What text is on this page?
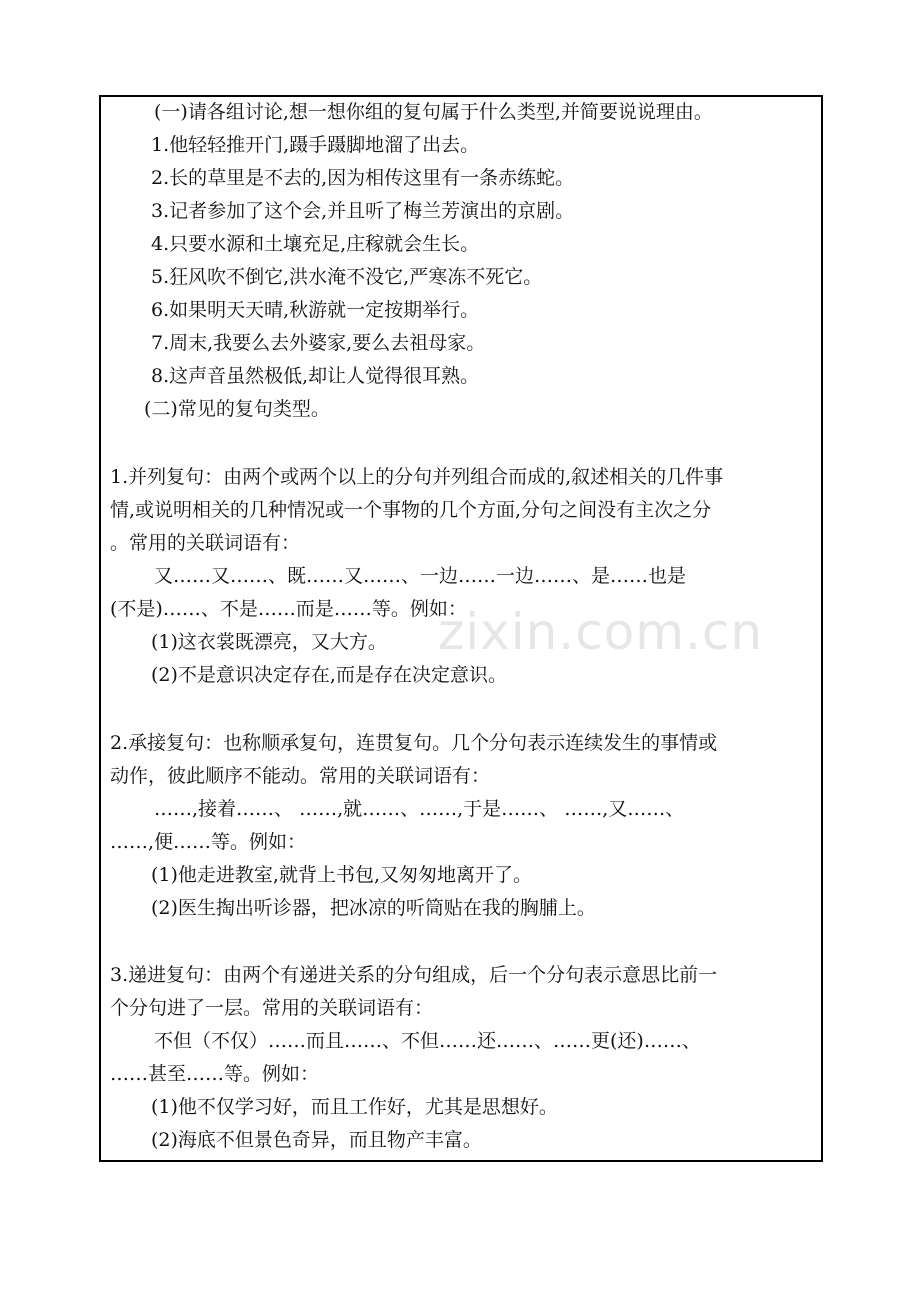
(一)请各组讨论,想一想你组的复句属于什么类型,并简要说说理由。
1.他轻轻推开门,蹑手蹑脚地溜了出去。
2.长的草里是不去的,因为相传这里有一条赤练蛇。
3.记者参加了这个会,并且听了梅兰芳演出的京剧。
4.只要水源和土壤充足,庄稼就会生长。
5.狂风吹不倒它,洪水淹不没它,严寒冻不死它。
6.如果明天天晴,秋游就一定按期举行。
7.周末,我要么去外婆家,要么去祖母家。
8.这声音虽然极低,却让人觉得很耳熟。
(二)常见的复句类型。
1.并列复句：由两个或两个以上的分句并列组合而成的,叙述相关的几件事
情,或说明相关的几种情况或一个事物的几个方面,分句之间没有主次之分
。常用的关联词语有：
又……又……、既……又……、一边……一边……、是……也是
(不是)……、不是……而是……等。例如：
(1)这衣裳既漂亮，又大方。
(2)不是意识决定存在,而是存在决定意识。
2.承接复句：也称顺承复句，连贯复句。几个分句表示连续发生的事情或
动作，彼此顺序不能动。常用的关联词语有：
……,接着……、 ……,就……、……,于是……、 ……,又……、
……,便……等。例如：
(1)他走进教室,就背上书包,又匆匆地离开了。
(2)医生掏出听诊器，把冰凉的听筒贴在我的胸脯上。
3.递进复句：由两个有递进关系的分句组成，后一个分句表示意思比前一
个分句进了一层。常用的关联词语有：
不但（不仅）……而且……、不但……还……、……更(还)……、
……甚至……等。例如：
(1)他不仅学习好，而且工作好，尤其是思想好。
(2)海底不但景色奇异，而且物产丰富。
zixin.com.cn
